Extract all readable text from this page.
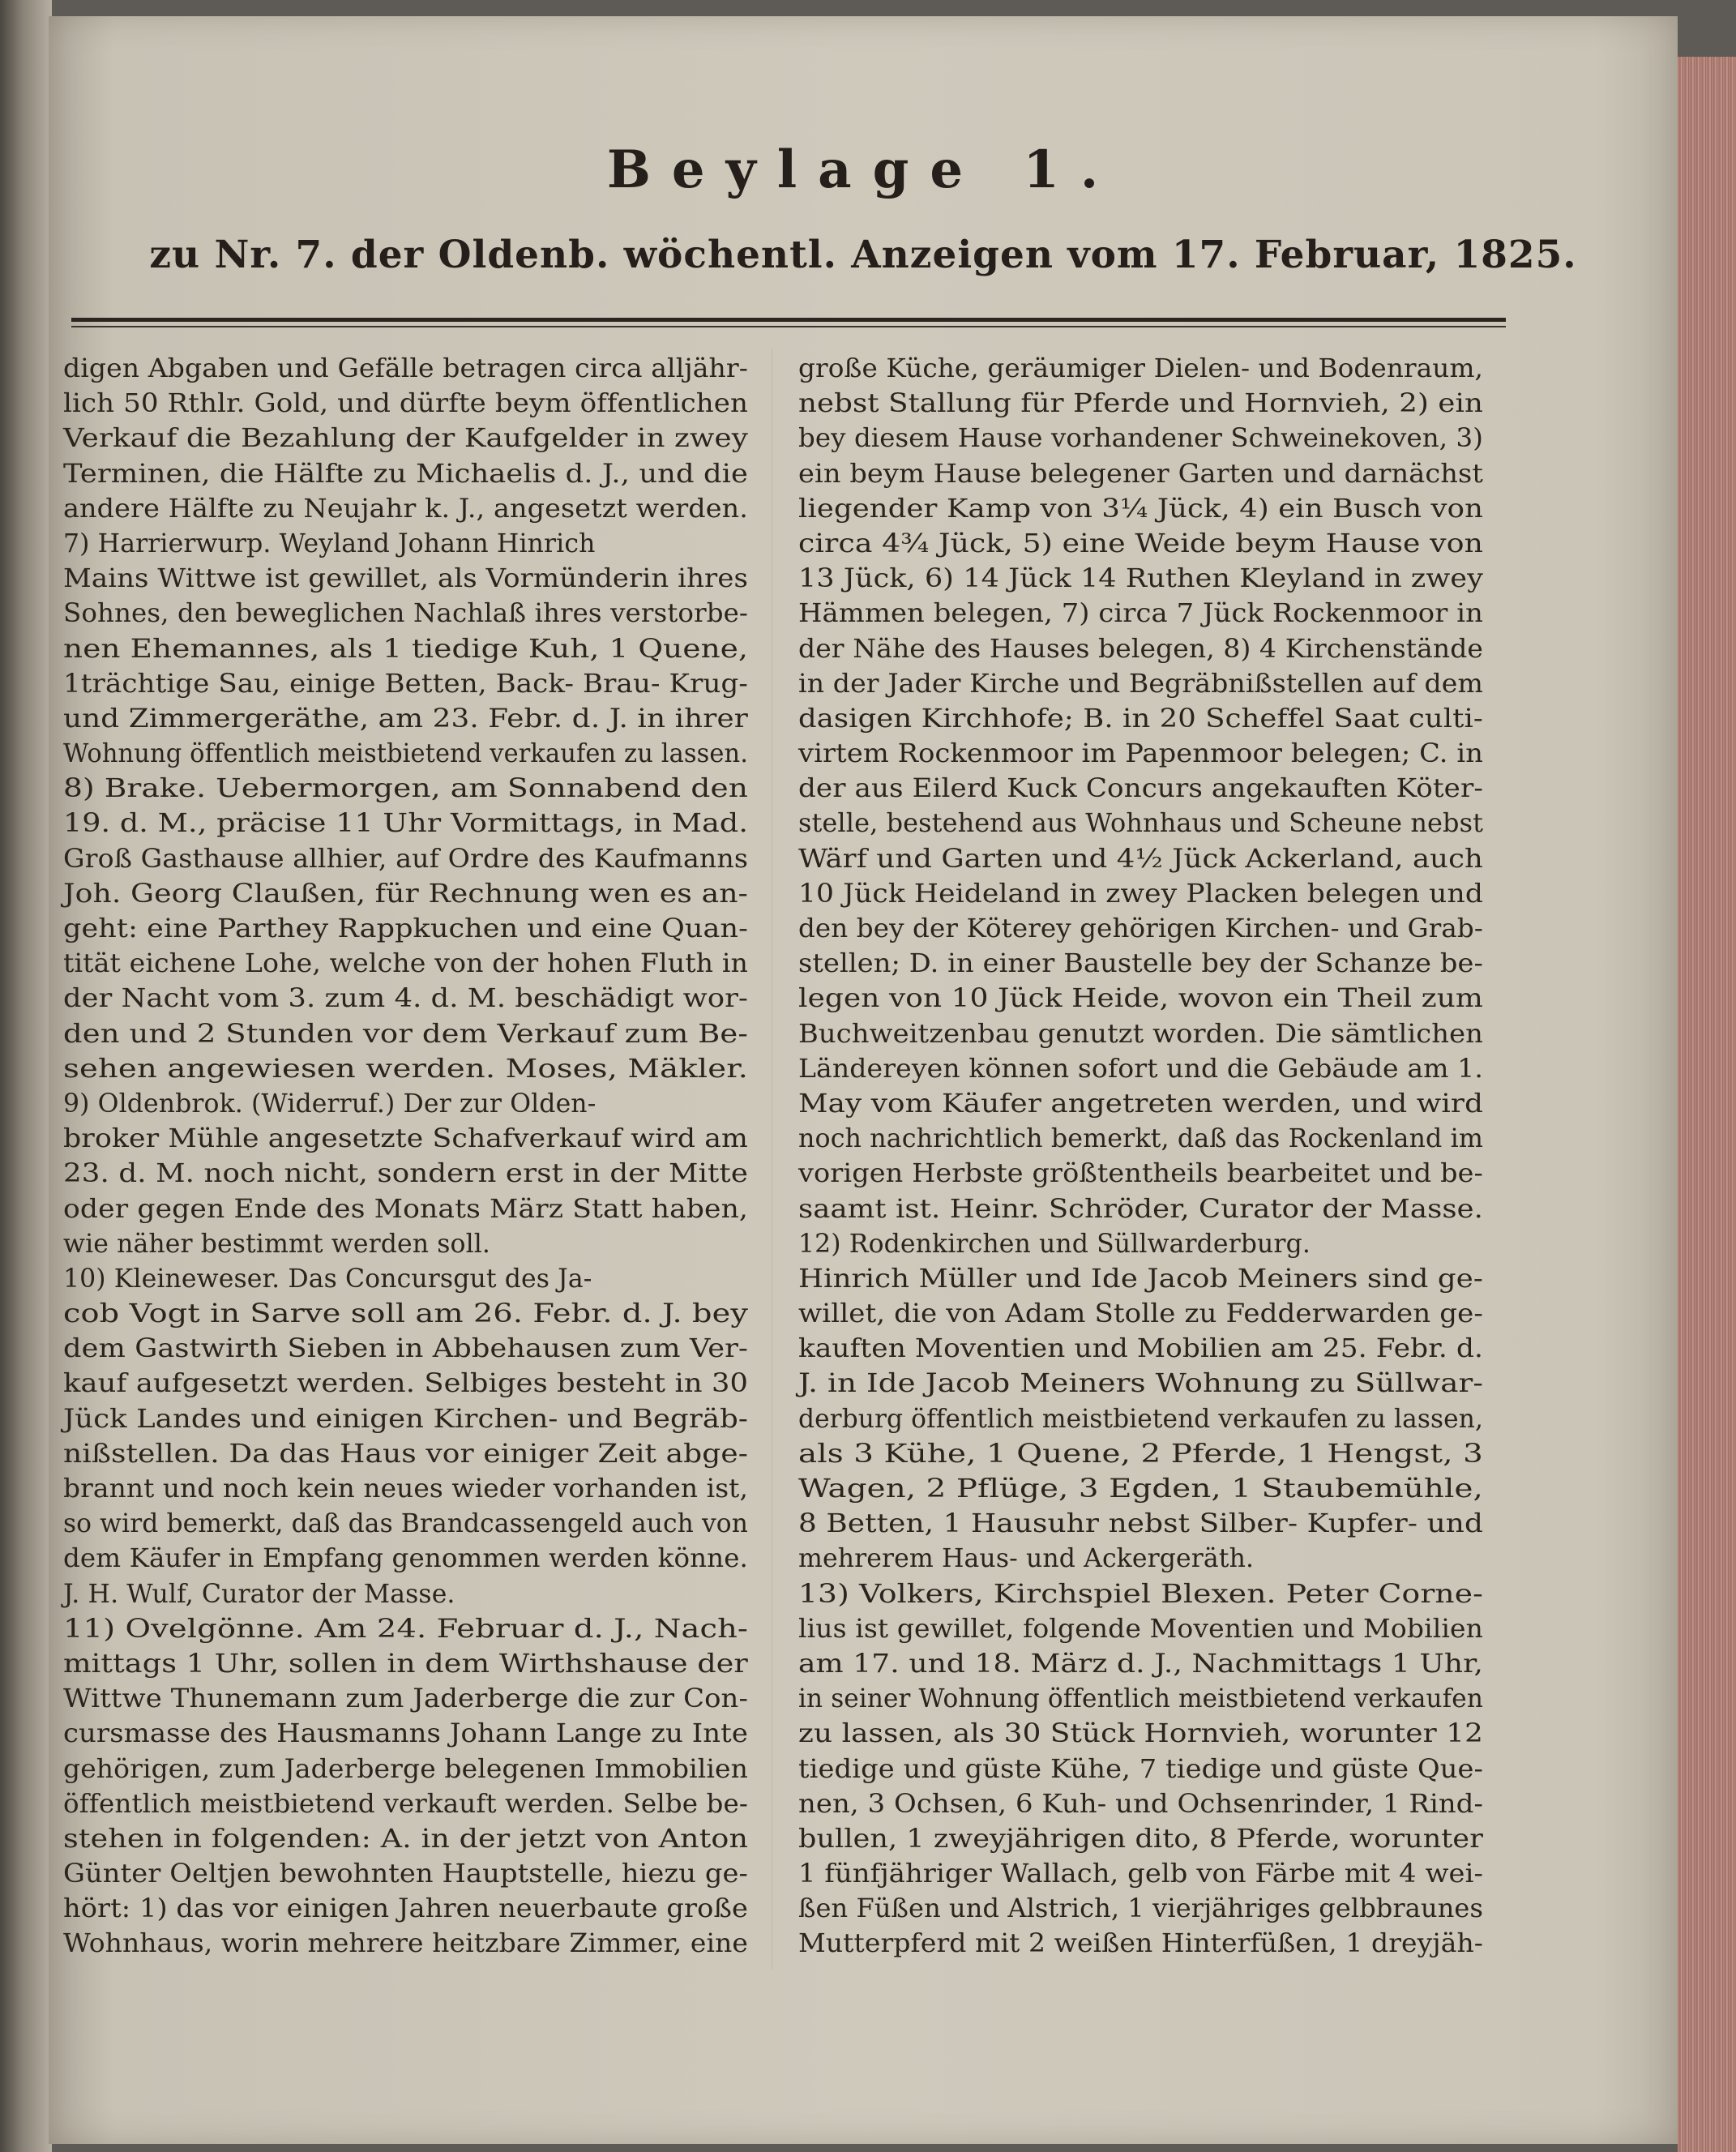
Beylage 1.
zu Nr. 7. der Oldenb. wöchentl. Anzeigen vom 17. Februar, 1825.
digen Abgaben und Gefälle betragen circa alljähr-
lich 50 Rthlr. Gold, und dürfte beym öffentlichen
Verkauf die Bezahlung der Kaufgelder in zwey
Terminen, die Hälfte zu Michaelis d. J., und die
andere Hälfte zu Neujahr k. J., angesetzt werden.
7) Harrierwurp. Weyland Johann Hinrich
Mains Wittwe ist gewillet, als Vormünderin ihres
Sohnes, den beweglichen Nachlaß ihres verstorbe-
nen Ehemannes, als 1 tiedige Kuh, 1 Quene,
1trächtige Sau, einige Betten, Back- Brau- Krug-
und Zimmergeräthe, am 23. Febr. d. J. in ihrer
Wohnung öffentlich meistbietend verkaufen zu lassen.
8) Brake. Uebermorgen, am Sonnabend den
19. d. M., präcise 11 Uhr Vormittags, in Mad.
Groß Gasthause allhier, auf Ordre des Kaufmanns
Joh. Georg Claußen, für Rechnung wen es an-
geht: eine Parthey Rappkuchen und eine Quan-
tität eichene Lohe, welche von der hohen Fluth in
der Nacht vom 3. zum 4. d. M. beschädigt wor-
den und 2 Stunden vor dem Verkauf zum Be-
sehen angewiesen werden. Moses, Mäkler.
9) Oldenbrok. (Widerruf.) Der zur Olden-
broker Mühle angesetzte Schafverkauf wird am
23. d. M. noch nicht, sondern erst in der Mitte
oder gegen Ende des Monats März Statt haben,
wie näher bestimmt werden soll.
10) Kleineweser. Das Concursgut des Ja-
cob Vogt in Sarve soll am 26. Febr. d. J. bey
dem Gastwirth Sieben in Abbehausen zum Ver-
kauf aufgesetzt werden. Selbiges besteht in 30
Jück Landes und einigen Kirchen- und Begräb-
nißstellen. Da das Haus vor einiger Zeit abge-
brannt und noch kein neues wieder vorhanden ist,
so wird bemerkt, daß das Brandcassengeld auch von
dem Käufer in Empfang genommen werden könne.
J. H. Wulf, Curator der Masse.
11) Ovelgönne. Am 24. Februar d. J., Nach-
mittags 1 Uhr, sollen in dem Wirthshause der
Wittwe Thunemann zum Jaderberge die zur Con-
cursmasse des Hausmanns Johann Lange zu Inte
gehörigen, zum Jaderberge belegenen Immobilien
öffentlich meistbietend verkauft werden. Selbe be-
stehen in folgenden: A. in der jetzt von Anton
Günter Oeltjen bewohnten Hauptstelle, hiezu ge-
hört: 1) das vor einigen Jahren neuerbaute große
Wohnhaus, worin mehrere heitzbare Zimmer, eine
große Küche, geräumiger Dielen- und Bodenraum,
nebst Stallung für Pferde und Hornvieh, 2) ein
bey diesem Hause vorhandener Schweinekoven, 3)
ein beym Hause belegener Garten und darnächst
liegender Kamp von 3¼ Jück, 4) ein Busch von
circa 4¾ Jück, 5) eine Weide beym Hause von
13 Jück, 6) 14 Jück 14 Ruthen Kleyland in zwey
Hämmen belegen, 7) circa 7 Jück Rockenmoor in
der Nähe des Hauses belegen, 8) 4 Kirchenstände
in der Jader Kirche und Begräbnißstellen auf dem
dasigen Kirchhofe; B. in 20 Scheffel Saat culti-
virtem Rockenmoor im Papenmoor belegen; C. in
der aus Eilerd Kuck Concurs angekauften Köter-
stelle, bestehend aus Wohnhaus und Scheune nebst
Wärf und Garten und 4½ Jück Ackerland, auch
10 Jück Heideland in zwey Placken belegen und
den bey der Köterey gehörigen Kirchen- und Grab-
stellen; D. in einer Baustelle bey der Schanze be-
legen von 10 Jück Heide, wovon ein Theil zum
Buchweitzenbau genutzt worden. Die sämtlichen
Ländereyen können sofort und die Gebäude am 1.
May vom Käufer angetreten werden, und wird
noch nachrichtlich bemerkt, daß das Rockenland im
vorigen Herbste größtentheils bearbeitet und be-
saamt ist. Heinr. Schröder, Curator der Masse.
12) Rodenkirchen und Süllwarderburg.
Hinrich Müller und Ide Jacob Meiners sind ge-
willet, die von Adam Stolle zu Fedderwarden ge-
kauften Moventien und Mobilien am 25. Febr. d.
J. in Ide Jacob Meiners Wohnung zu Süllwar-
derburg öffentlich meistbietend verkaufen zu lassen,
als 3 Kühe, 1 Quene, 2 Pferde, 1 Hengst, 3
Wagen, 2 Pflüge, 3 Egden, 1 Staubemühle,
8 Betten, 1 Hausuhr nebst Silber- Kupfer- und
mehrerem Haus- und Ackergeräth.
13) Volkers, Kirchspiel Blexen. Peter Corne-
lius ist gewillet, folgende Moventien und Mobilien
am 17. und 18. März d. J., Nachmittags 1 Uhr,
in seiner Wohnung öffentlich meistbietend verkaufen
zu lassen, als 30 Stück Hornvieh, worunter 12
tiedige und güste Kühe, 7 tiedige und güste Que-
nen, 3 Ochsen, 6 Kuh- und Ochsenrinder, 1 Rind-
bullen, 1 zweyjährigen dito, 8 Pferde, worunter
1 fünfjähriger Wallach, gelb von Färbe mit 4 wei-
ßen Füßen und Alstrich, 1 vierjähriges gelbbraunes
Mutterpferd mit 2 weißen Hinterfüßen, 1 dreyjäh-
